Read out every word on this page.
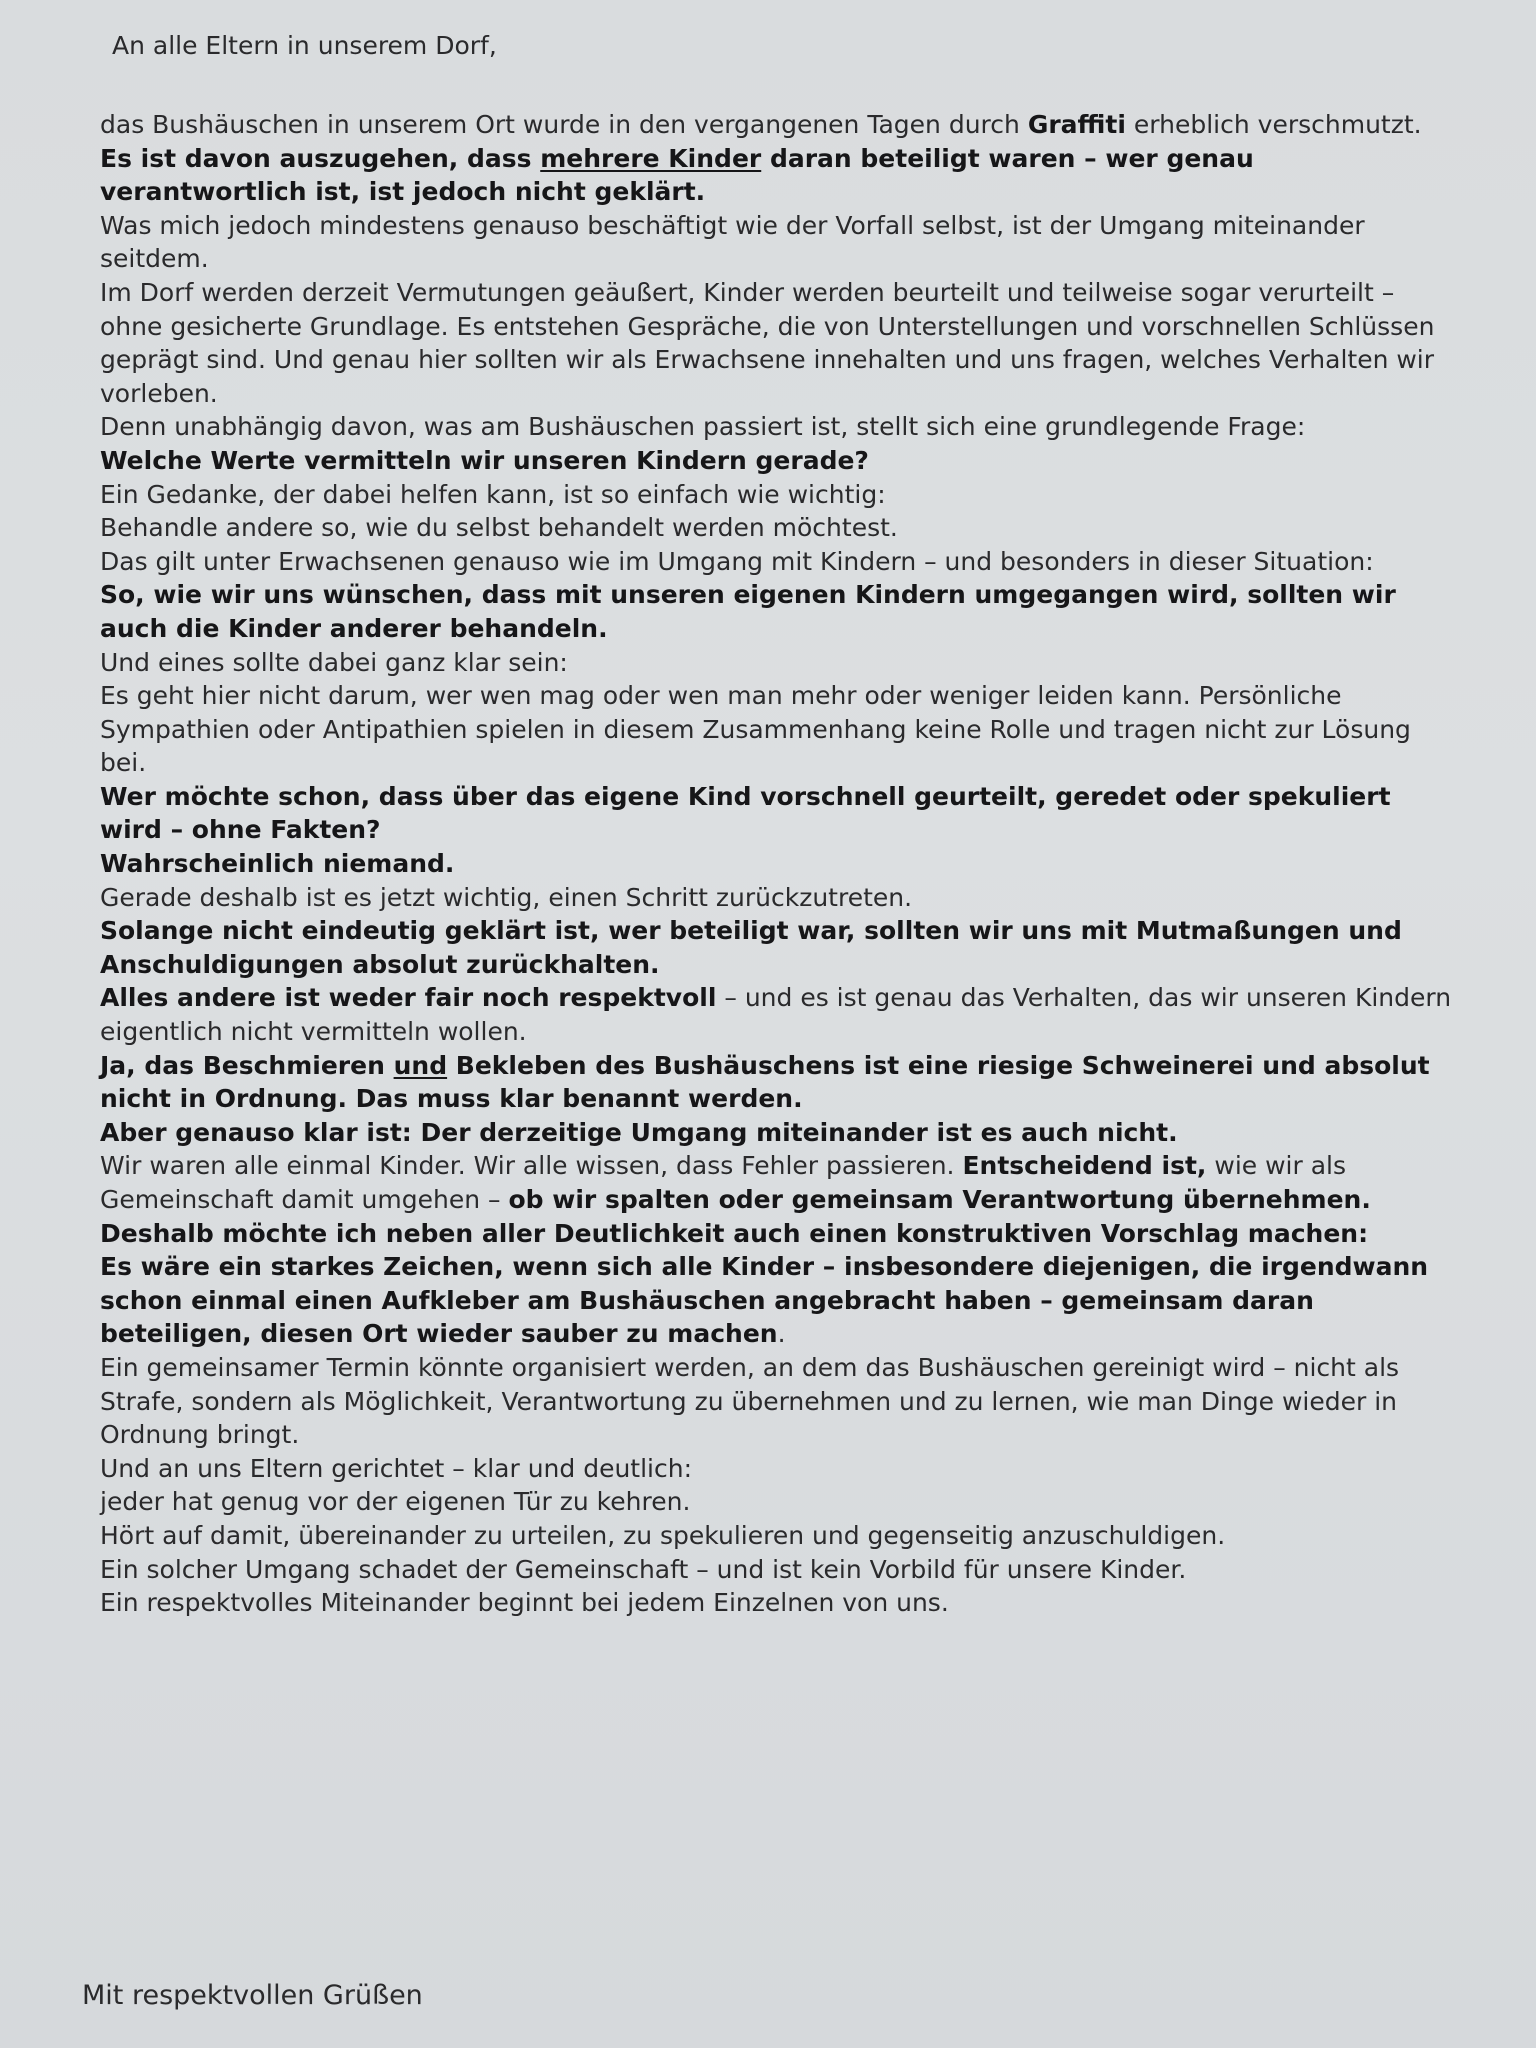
An alle Eltern in unserem Dorf,

das Bushäuschen in unserem Ort wurde in den vergangenen Tagen durch Graffiti erheblich verschmutzt. Es ist davon auszugehen, dass mehrere Kinder daran beteiligt waren – wer genau verantwortlich ist, ist jedoch nicht geklärt.

Was mich jedoch mindestens genauso beschäftigt wie der Vorfall selbst, ist der Umgang miteinander seitdem.

Im Dorf werden derzeit Vermutungen geäußert, Kinder werden beurteilt und teilweise sogar verurteilt – ohne gesicherte Grundlage. Es entstehen Gespräche, die von Unterstellungen und vorschnellen Schlüssen geprägt sind. Und genau hier sollten wir als Erwachsene innehalten und uns fragen, welches Verhalten wir vorleben.

Denn unabhängig davon, was am Bushäuschen passiert ist, stellt sich eine grundlegende Frage:

Welche Werte vermitteln wir unseren Kindern gerade?

Ein Gedanke, der dabei helfen kann, ist so einfach wie wichtig:

Behandle andere so, wie du selbst behandelt werden möchtest.

Das gilt unter Erwachsenen genauso wie im Umgang mit Kindern – und besonders in dieser Situation:

So, wie wir uns wünschen, dass mit unseren eigenen Kindern umgegangen wird, sollten wir auch die Kinder anderer behandeln.

Und eines sollte dabei ganz klar sein:

Es geht hier nicht darum, wer wen mag oder wen man mehr oder weniger leiden kann. Persönliche Sympathien oder Antipathien spielen in diesem Zusammenhang keine Rolle und tragen nicht zur Lösung bei.

Wer möchte schon, dass über das eigene Kind vorschnell geurteilt, geredet oder spekuliert wird – ohne Fakten?

Wahrscheinlich niemand.

Gerade deshalb ist es jetzt wichtig, einen Schritt zurückzutreten.

Solange nicht eindeutig geklärt ist, wer beteiligt war, sollten wir uns mit Mutmaßungen und Anschuldigungen absolut zurückhalten.

Alles andere ist weder fair noch respektvoll – und es ist genau das Verhalten, das wir unseren Kindern eigentlich nicht vermitteln wollen.

Ja, das Beschmieren und Bekleben des Bushäuschens ist eine riesige Schweinerei und absolut nicht in Ordnung. Das muss klar benannt werden.

Aber genauso klar ist: Der derzeitige Umgang miteinander ist es auch nicht.

Wir waren alle einmal Kinder. Wir alle wissen, dass Fehler passieren. Entscheidend ist, wie wir als Gemeinschaft damit umgehen – ob wir spalten oder gemeinsam Verantwortung übernehmen.

Deshalb möchte ich neben aller Deutlichkeit auch einen konstruktiven Vorschlag machen:

Es wäre ein starkes Zeichen, wenn sich alle Kinder – insbesondere diejenigen, die irgendwann schon einmal einen Aufkleber am Bushäuschen angebracht haben – gemeinsam daran beteiligen, diesen Ort wieder sauber zu machen.

Ein gemeinsamer Termin könnte organisiert werden, an dem das Bushäuschen gereinigt wird – nicht als Strafe, sondern als Möglichkeit, Verantwortung zu übernehmen und zu lernen, wie man Dinge wieder in Ordnung bringt.

Und an uns Eltern gerichtet – klar und deutlich:

jeder hat genug vor der eigenen Tür zu kehren.

Hört auf damit, übereinander zu urteilen, zu spekulieren und gegenseitig anzuschuldigen.

Ein solcher Umgang schadet der Gemeinschaft – und ist kein Vorbild für unsere Kinder.

Ein respektvolles Miteinander beginnt bei jedem Einzelnen von uns.

Mit respektvollen Grüßen
